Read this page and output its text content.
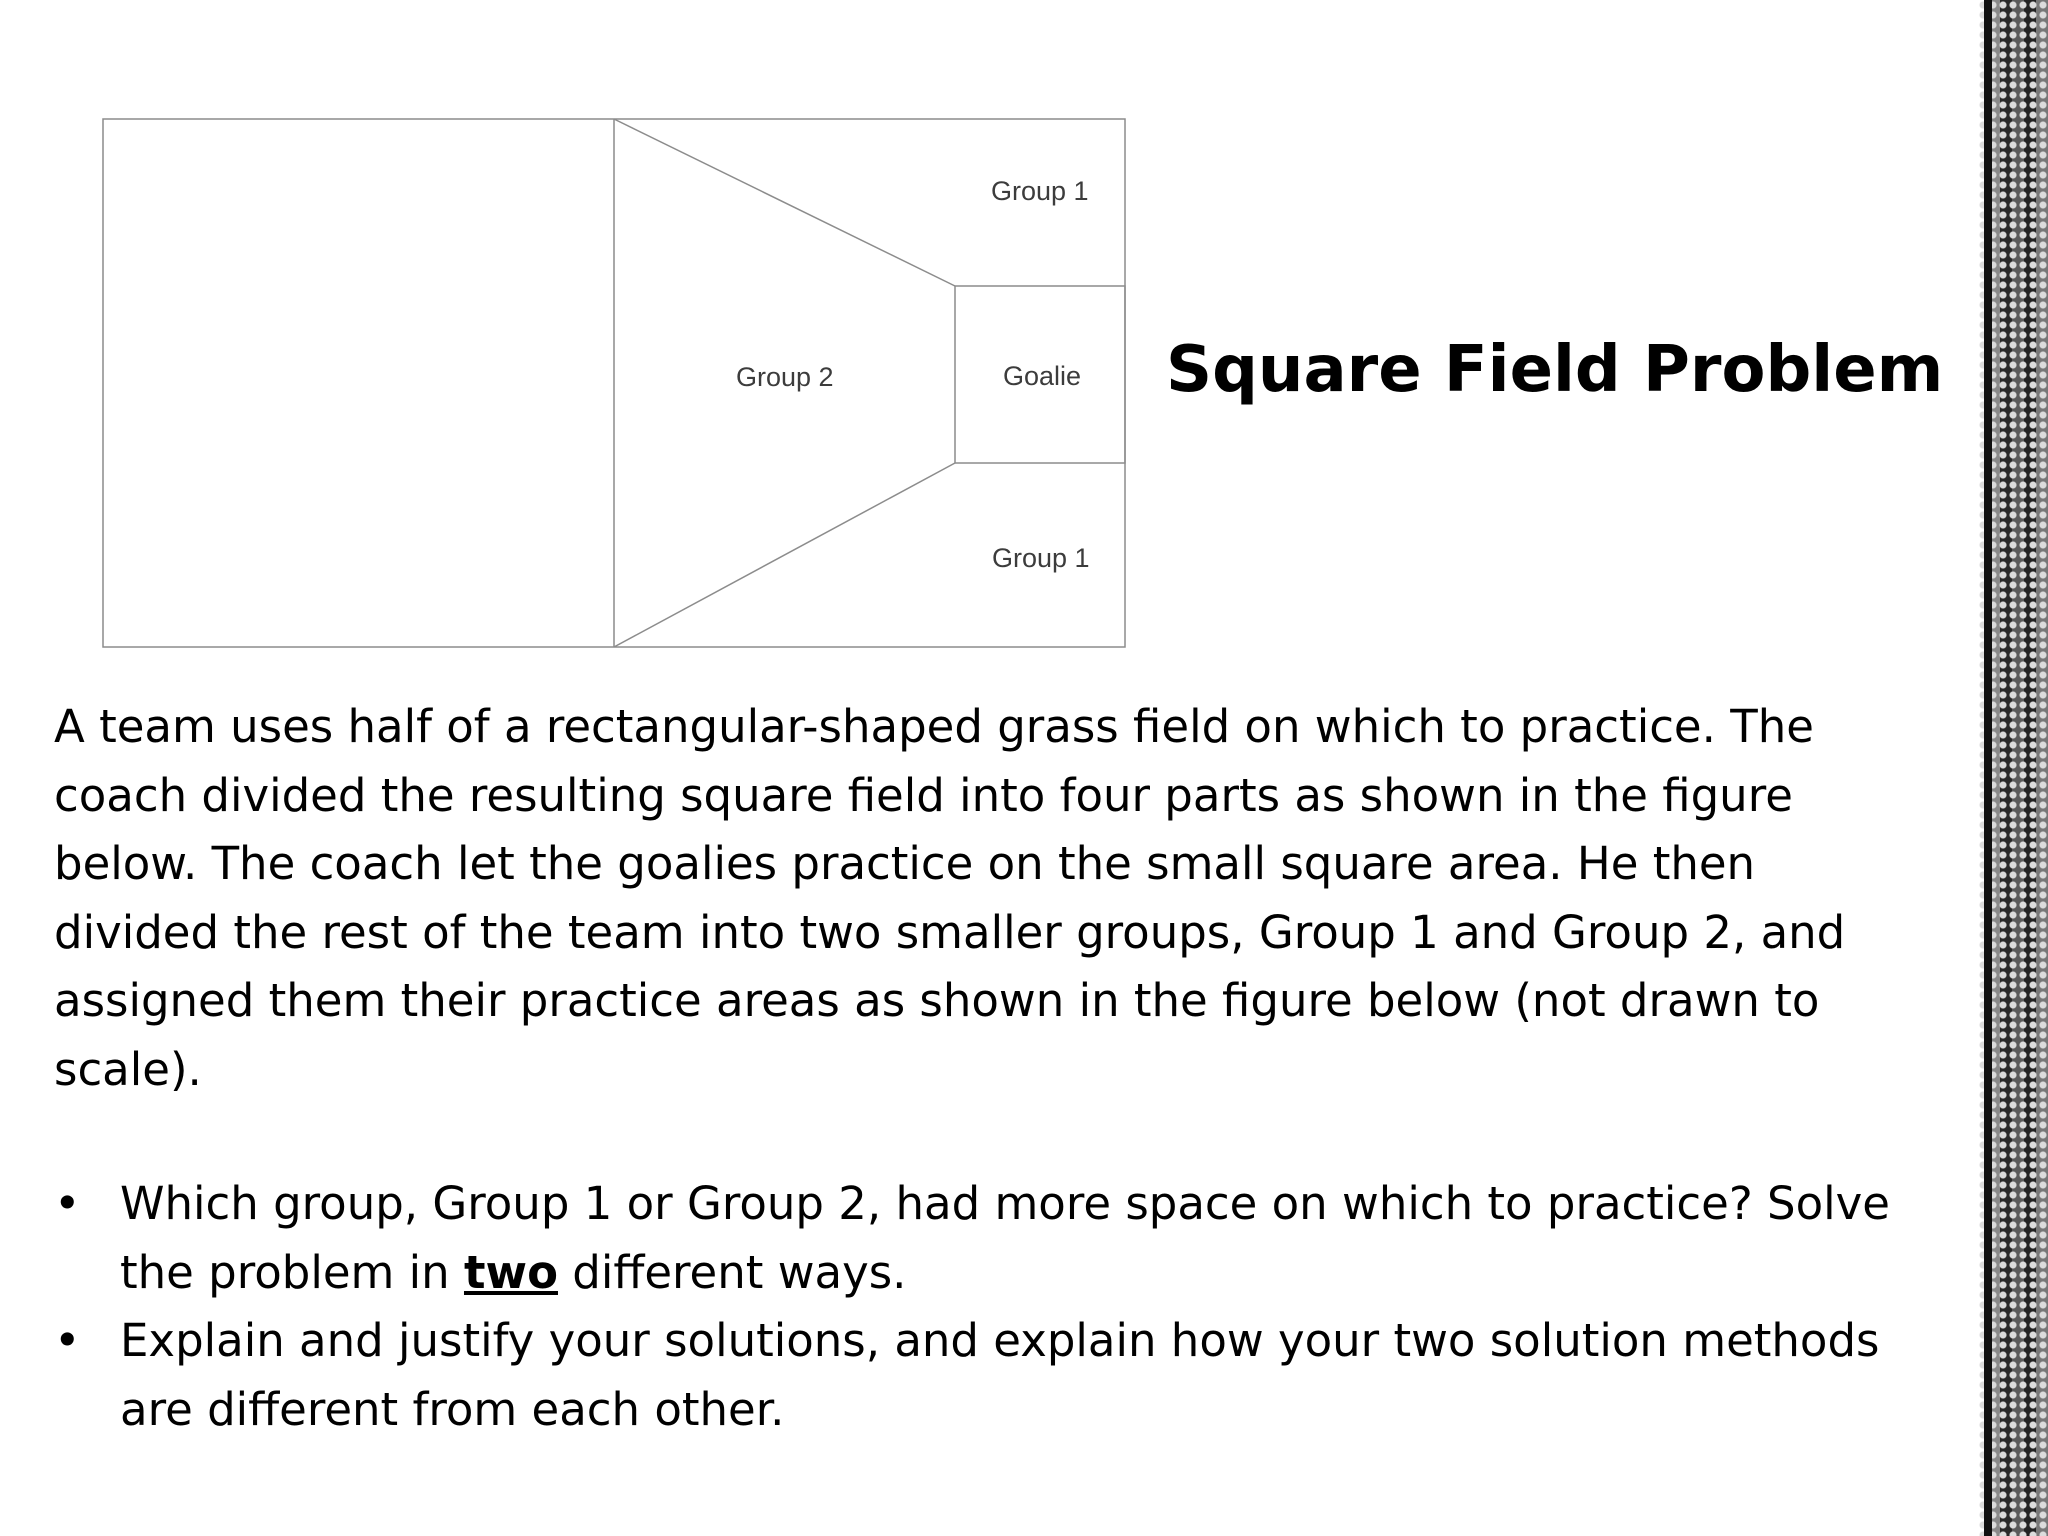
Group 1
Group 2	Goalie
Group 1
Square Field Problem

A team uses half of a rectangular-shaped grass field on which to practice. The coach divided the resulting square field into four parts as shown in the figure below. The coach let the goalies practice on the small square area. He then divided the rest of the team into two smaller groups, Group 1 and Group 2, and assigned them their practice areas as shown in the figure below (not drawn to scale).

• Which group, Group 1 or Group 2, had more space on which to practice? Solve the problem in two different ways.
• Explain and justify your solutions, and explain how your two solution methods are different from each other.
